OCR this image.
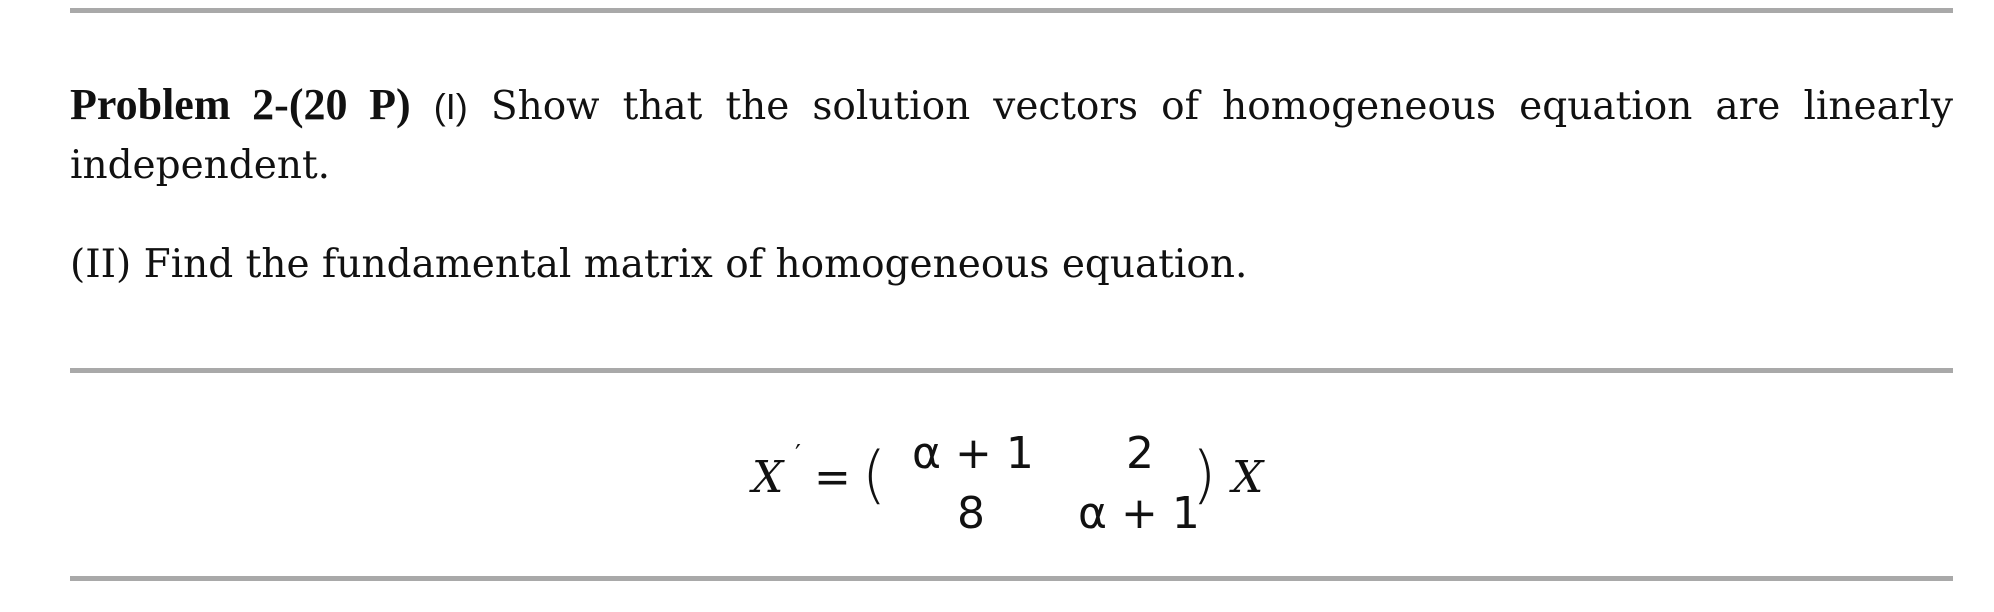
Problem 2-(20 P) (I) Show that the solution vectors of homogeneous equation are linearly independent.

(II) Find the fundamental matrix of homogeneous equation.

X ′ = ( α + 1 2
8 α + 1
) X
